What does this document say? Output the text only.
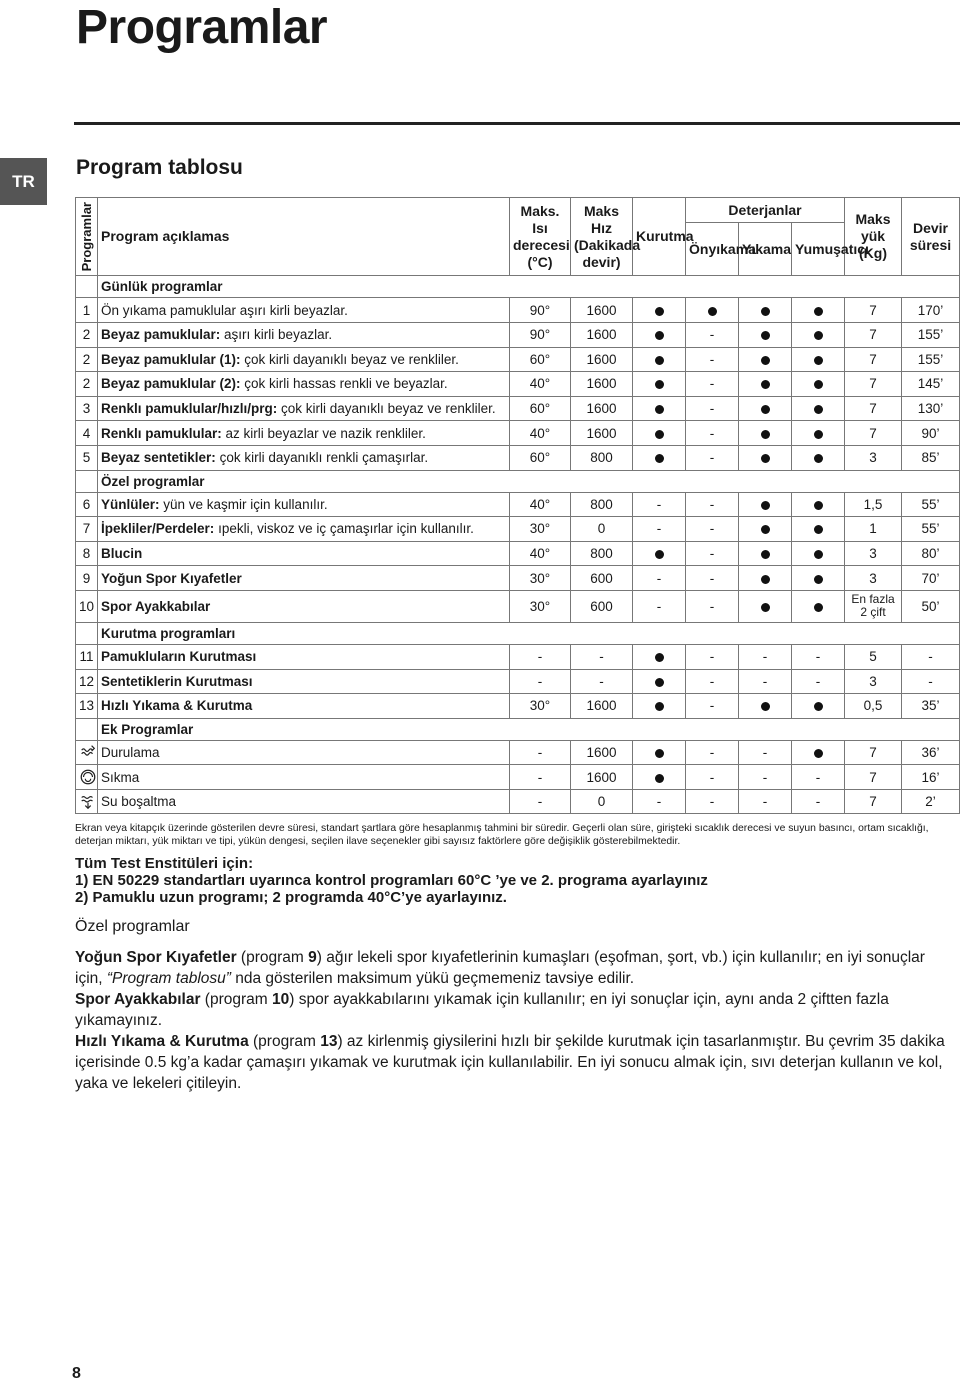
Programlar
TR
Program tablosu
Programlar	Program açıklamas	Maks. Isı derecesi (°C)	Maks Hız (Dakikada devir)	Kurutma	Deterjanlar			Maks yük (Kg)	Devir süresi
					Önyıkama	Yıkama	Yumuşatıcı		
	Günlük programlar								
1	Ön yıkama pamuklular aşırı kirli beyazlar.	90°	1600					7	170’
2	Beyaz pamuklular: aşırı kirli beyazlar.	90°	1600		-			7	155’
2	Beyaz pamuklular (1): çok kirli dayanıklı beyaz ve renkliler.	60°	1600		-			7	155’
2	Beyaz pamuklular (2): çok kirli hassas renkli ve beyazlar.	40°	1600		-			7	145’
3	Renklı pamuklular/hızlı/prg: çok kirli dayanıklı beyaz ve renkliler.	60°	1600		-			7	130’
4	Renklı pamuklular: az kirli beyazlar ve nazik renkliler.	40°	1600		-			7	90’
5	Beyaz sentetikler: çok kirli dayanıklı renkli çamaşırlar.	60°	800		-			3	85’
	Özel programlar								
6	Yünlüler: yün ve kaşmir için kullanılır.	40°	800	-	-			1,5	55’
7	İpekliler/Perdeler: ıpekli, viskoz ve iç çamaşırlar için kullanılır.	30°	0	-	-			1	55’
8	Blucin	40°	800		-			3	80’
9	Yoğun Spor Kıyafetler	30°	600	-	-			3	70’
10	Spor Ayakkabılar	30°	600	-	-			En fazla 2 çift	50’
	Kurutma programları								
11	Pamukluların Kurutması	-	-		-	-	-	5	-
12	Sentetiklerin Kurutması	-	-		-	-	-	3	-
13	Hızlı Yıkama & Kurutma	30°	1600		-			0,5	35’
	Ek Programlar								
	Durulama	-	1600		-	-		7	36’
	Sıkma	-	1600		-	-	-	7	16’
	Su boşaltma	-	0	-	-	-	-	7	2’
Ekran veya kitapçık üzerinde gösterilen devre süresi, standart şartlara göre hesaplanmış tahmini bir süredir. Geçerli olan süre, girişteki sıcaklık derecesi ve suyun basıncı, ortam sıcaklığı, deterjan miktarı, yük miktarı ve tipi, yükün dengesi, seçilen ilave seçenekler gibi sayısız faktörlere göre değişiklik gösterebilmektedir.
Tüm Test Enstitüleri için:
1) EN 50229 standartları uyarınca kontrol programları 60°C ’ye ve 2. programa ayarlayınız
2) Pamuklu uzun programı; 2 programda 40°C’ye ayarlayınız.
Özel programlar

Yoğun Spor Kıyafetler (program 9) ağır lekeli spor kıyafetlerinin kumaşları (eşofman, şort, vb.) için kullanılır; en iyi sonuçlar için, “Program tablosu” nda gösterilen maksimum yükü geçmemeniz tavsiye edilir.

Spor Ayakkabılar (program 10) spor ayakkabılarını yıkamak için kullanılır; en iyi sonuçlar için, aynı anda 2 çiftten fazla yıkamayınız.

Hızlı Yıkama & Kurutma (program 13) az kirlenmiş giysilerini hızlı bir şekilde kurutmak için tasarlanmıştır. Bu çevrim 35 dakika içerisinde 0.5 kg’a kadar çamaşırı yıkamak ve kurutmak için kullanılabilir. En iyi sonucu almak için, sıvı deterjan kullanın ve kol, yaka ve lekeleri çitileyin.

8
